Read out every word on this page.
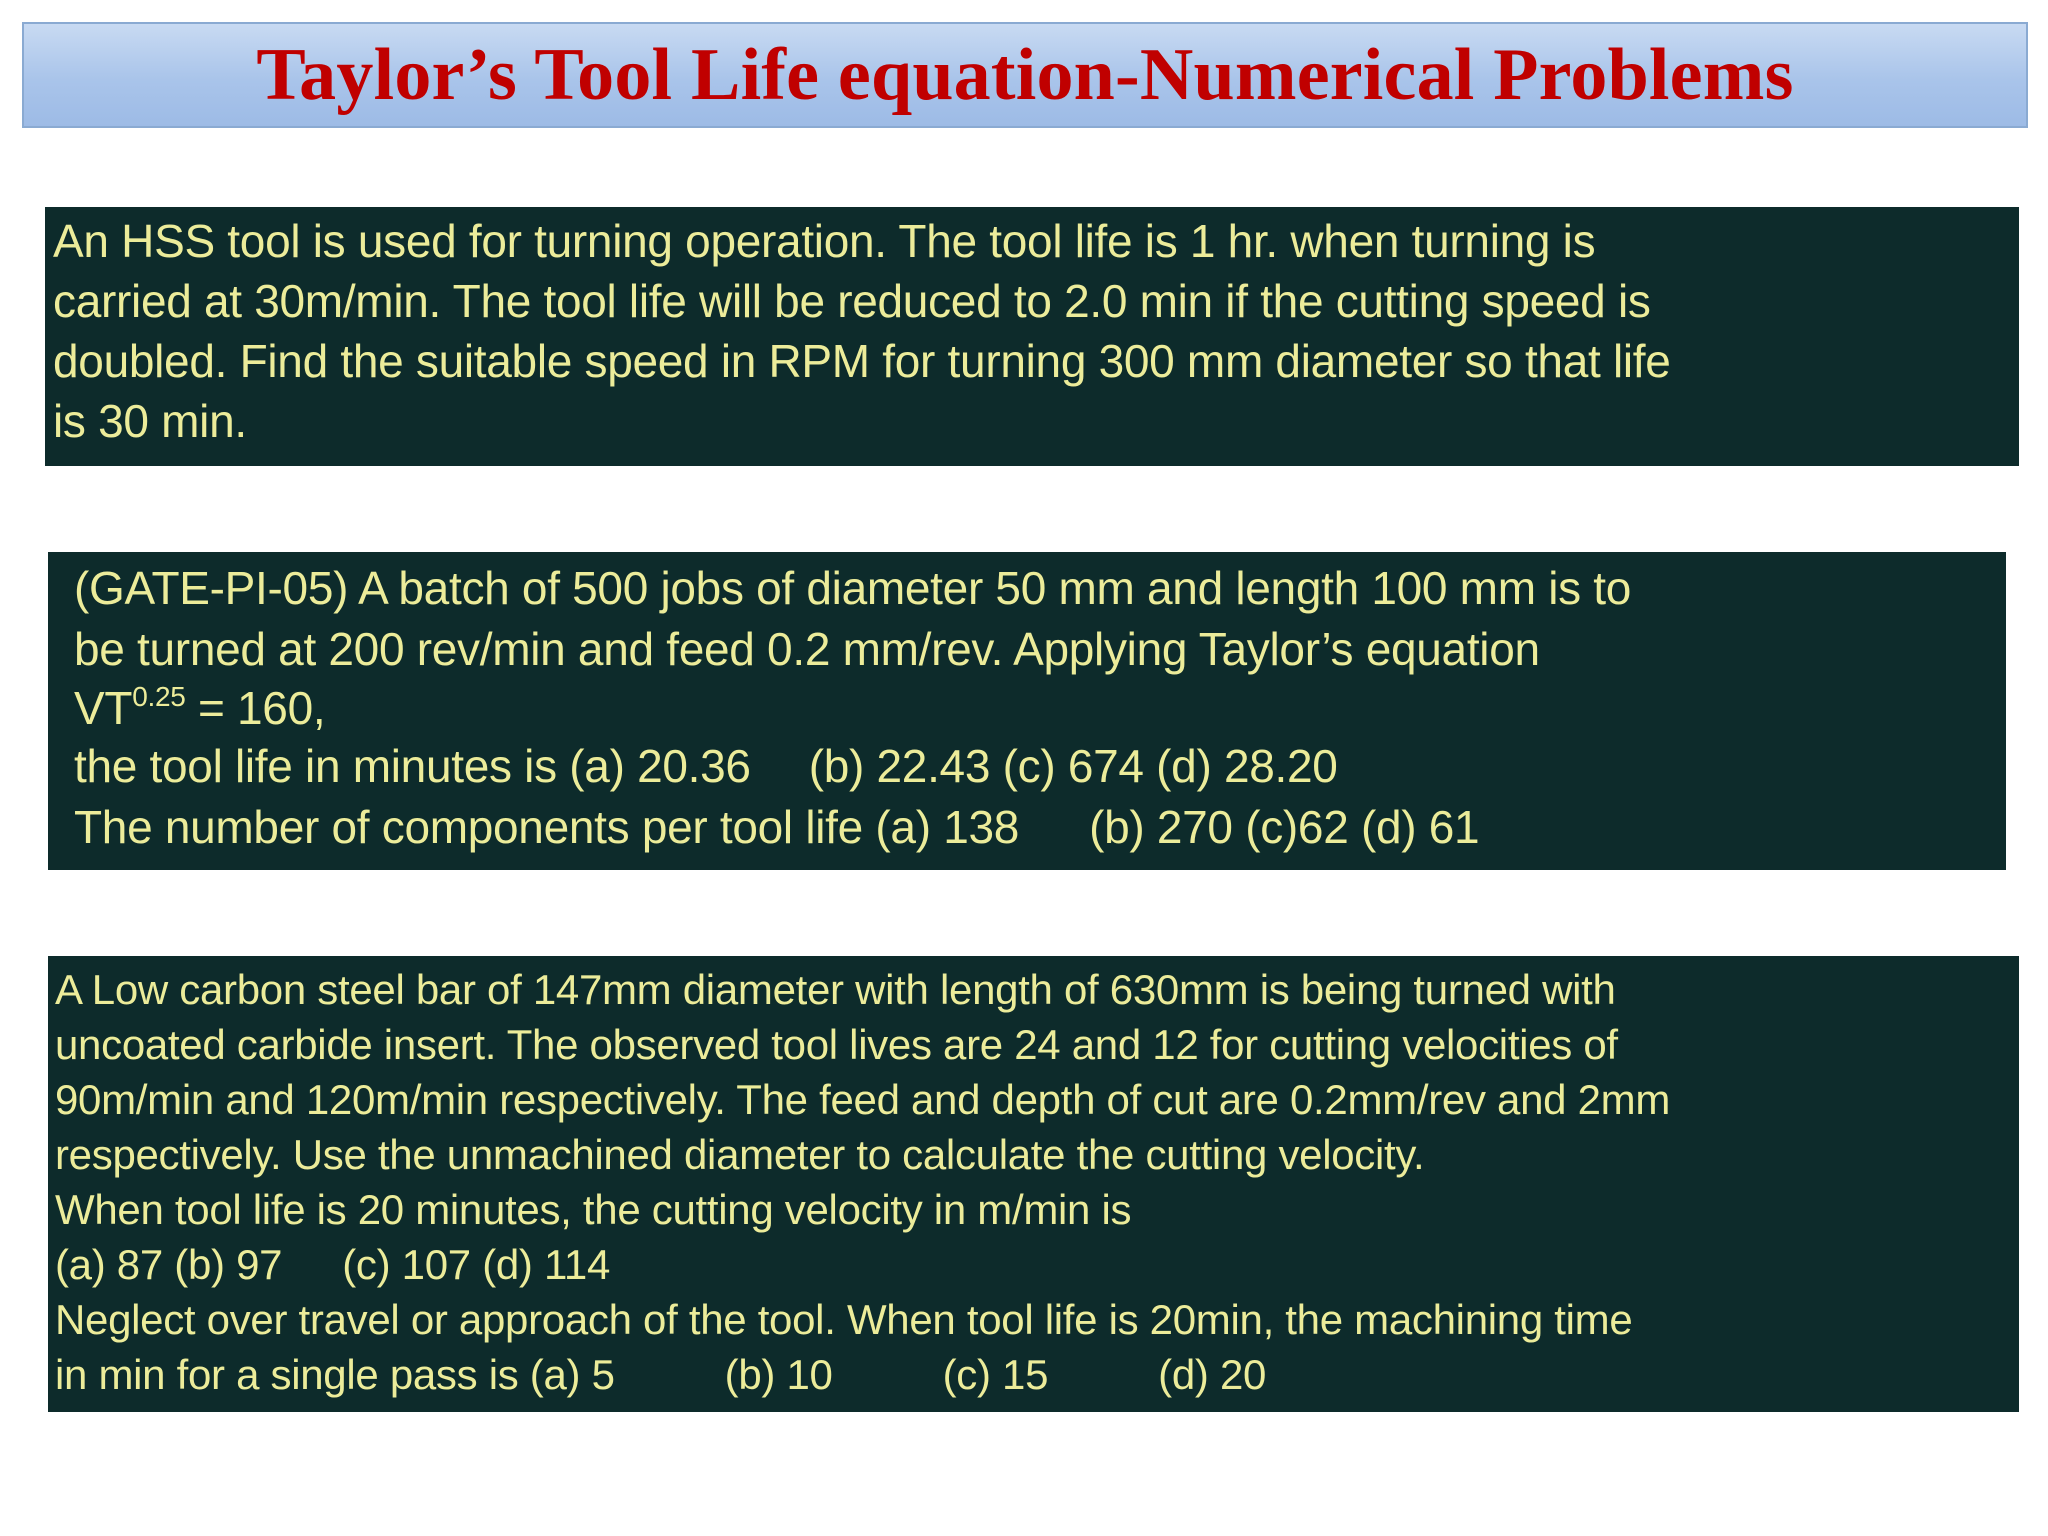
Taylor’s Tool Life equation-Numerical Problems
An HSS tool is used for turning operation. The tool life is 1 hr. when turning is
carried at 30m/min. The tool life will be reduced to 2.0 min if the cutting speed is
doubled. Find the suitable speed in RPM for turning 300 mm diameter so that life
is 30 min.
(GATE-PI-05) A batch of 500 jobs of diameter 50 mm and length 100 mm is to
be turned at 200 rev/min and feed 0.2 mm/rev. Applying Taylor’s equation
$VT^{0.25} = 160$,
the tool life in minutes is (a) 20.36 (b) 22.43 (c) 674 (d) 28.20
The number of components per tool life (a) 138 (b) 270 (c)62 (d) 61
A Low carbon steel bar of 147mm diameter with length of 630mm is being turned with
uncoated carbide insert. The observed tool lives are 24 and 12 for cutting velocities of
90m/min and 120m/min respectively. The feed and depth of cut are 0.2mm/rev and 2mm
respectively. Use the unmachined diameter to calculate the cutting velocity.
When tool life is 20 minutes, the cutting velocity in m/min is
(a) 87 (b) 97 (c) 107 (d) 114
Neglect over travel or approach of the tool. When tool life is 20min, the machining time
in min for a single pass is (a) 5	(b) 10	(c) 15	(d) 20
